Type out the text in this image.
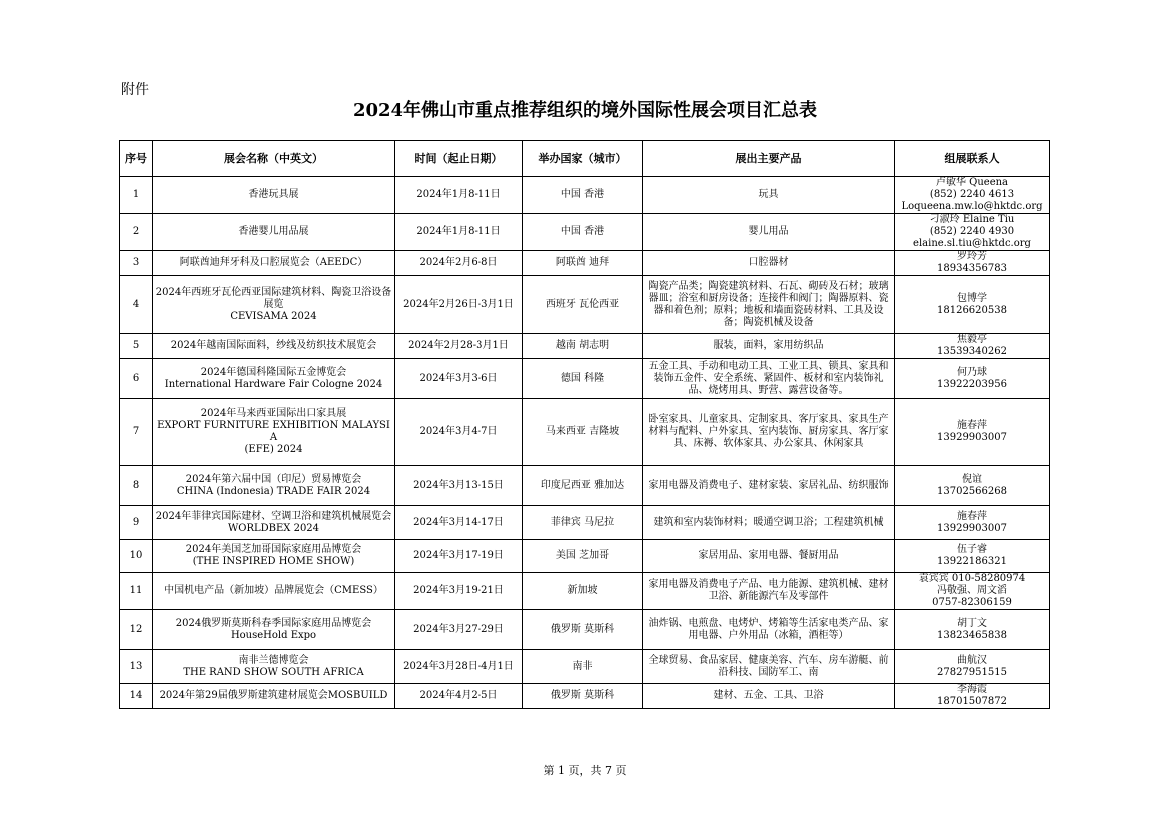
附件
2024年佛山市重点推荐组织的境外国际性展会项目汇总表
序号	展会名称（中英文）	时间（起止日期）	举办国家（城市）	展出主要产品	组展联系人
1	香港玩具展	2024年1月8-11日	中国 香港	玩具	卢敏华 Queena
(852) 2240 4613
Loqueena.mw.lo@hktdc.org

2	香港婴儿用品展	2024年1月8-11日	中国 香港	婴儿用品	刁淑玲 Elaine Tiu
(852) 2240 4930
elaine.sl.tiu@hktdc.org

3	阿联酋迪拜牙科及口腔展览会（AEEDC）	2024年2月6-8日	阿联酋 迪拜	口腔器材	罗玲芳
18934356783

4	2024年西班牙瓦伦西亚国际建筑材料、陶瓷卫浴设备展览
CEVISAMA 2024	2024年2月26日-3月1日	西班牙 瓦伦西亚	陶瓷产品类；陶瓷建筑材料、石瓦、砌砖及石材；玻璃器皿；浴室和厨房设备；连接件和阀门；陶器原料、瓷器和着色剂；原料；地板和墙面瓷砖材料、工具及设备；陶瓷机械及设备	包博学
18126620538

5	2024年越南国际面料，纱线及纺织技术展览会	2024年2月28-3月1日	越南 胡志明	服装，面料，家用纺织品	焦毅亭
13539340262

6	2024年德国科隆国际五金博览会
International Hardware Fair Cologne 2024	2024年3月3-6日	德国 科隆	五金工具、手动和电动工具、工业工具、锁具、家具和装饰五金件、安全系统、紧固件、板材和室内装饰礼品、烧烤用具、野营、露营设备等。	何乃球
13922203956

7	2024年马来西亚国际出口家具展
EXPORT FURNITURE EXHIBITION MALAYSIA
(EFE) 2024	2024年3月4-7日	马来西亚 吉隆坡	卧室家具、儿童家具、定制家具、客厅家具、家具生产材料与配料、户外家具、室内装饰、厨房家具、客厅家具、床褥、软体家具、办公家具、休闲家具	施春萍
13929903007

8	2024年第六届中国（印尼）贸易博览会
CHINA (Indonesia) TRADE FAIR 2024	2024年3月13-15日	印度尼西亚 雅加达	家用电器及消费电子、建材家装、家居礼品、纺织服饰	倪谊
13702566268

9	2024年菲律宾国际建材、空调卫浴和建筑机械展览会 WORLDBEX 2024	2024年3月14-17日	菲律宾 马尼拉	建筑和室内装饰材料；暖通空调卫浴；工程建筑机械	施春萍
13929903007

10	2024年美国芝加哥国际家庭用品博览会
(THE INSPIRED HOME SHOW)	2024年3月17-19日	美国 芝加哥	家居用品、家用电器、餐厨用品	伍子睿
13922186321

11	中国机电产品（新加坡）品牌展览会（CMESS）	2024年3月19-21日	新加坡	家用电器及消费电子产品、电力能源、建筑机械、建材卫浴、新能源汽车及零部件	袁宾宾 010-58280974
冯敬强、周文滔
0757-82306159

12	2024俄罗斯莫斯科春季国际家庭用品博览会
HouseHold Expo	2024年3月27-29日	俄罗斯 莫斯科	油炸锅、电煎盘、电烤炉、烤箱等生活家电类产品、家用电器、户外用品（冰箱，酒柜等）	胡丁文
13823465838

13	南非兰德博览会
THE RAND SHOW SOUTH AFRICA	2024年3月28日-4月1日	南非	全球贸易、食品家居、健康美容、汽车、房车游艇、前沿科技、国防军工、南	曲航汉
27827951515

14	2024年第29届俄罗斯建筑建材展览会MOSBUILD	2024年4月2-5日	俄罗斯 莫斯科	建材、五金、工具、卫浴	李海霞
18701507872
第 1 页，共 7 页
